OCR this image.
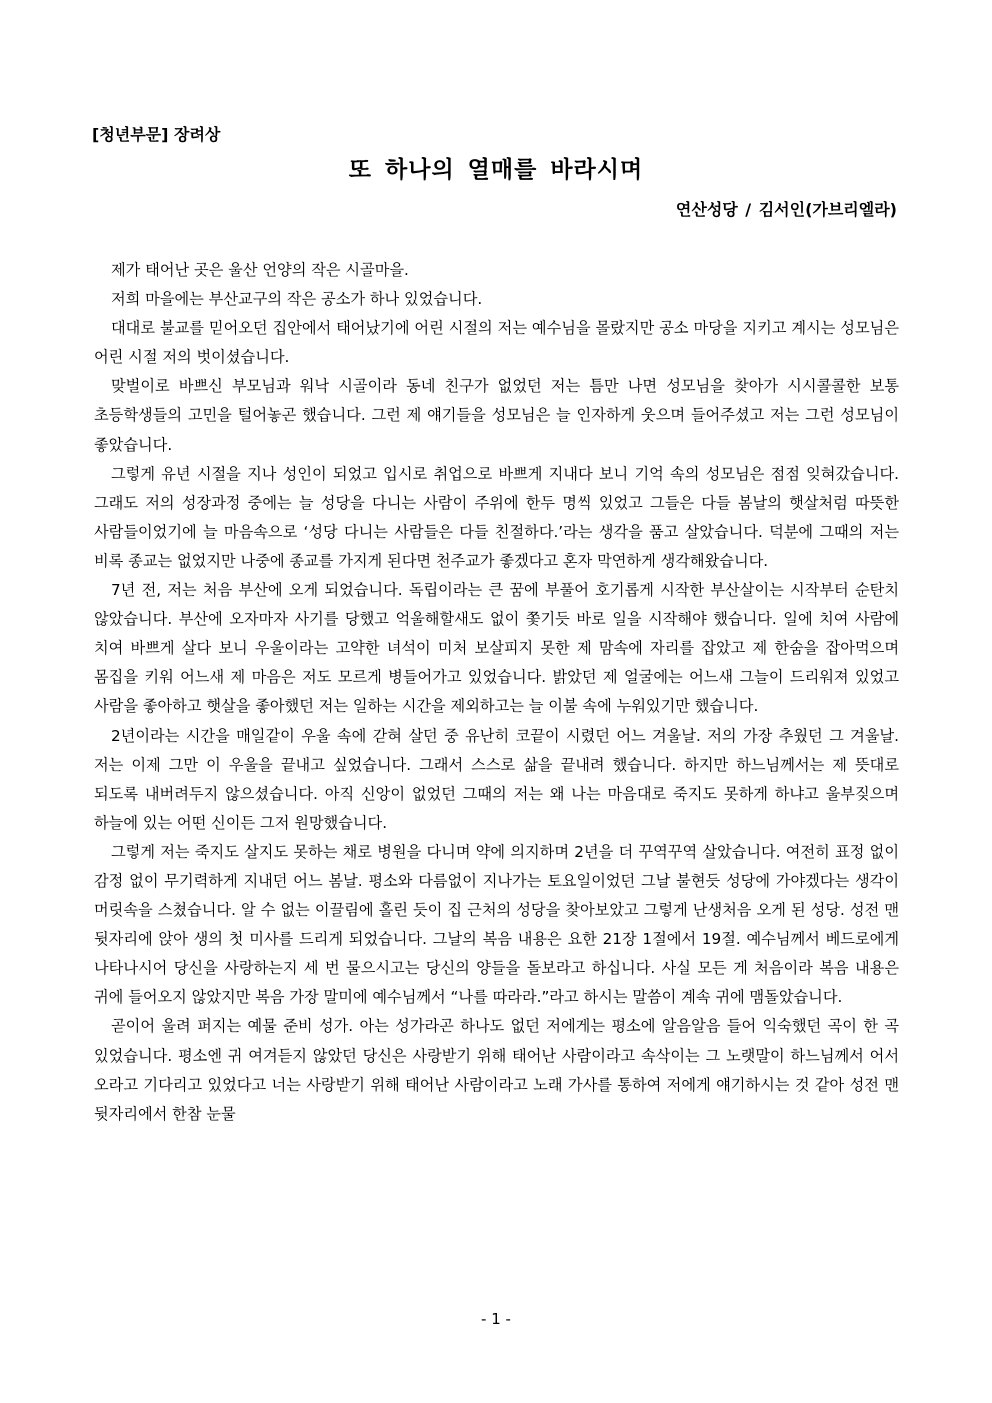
[청년부문] 장려상
또 하나의 열매를 바라시며
연산성당 / 김서인(가브리엘라)

제가 태어난 곳은 울산 언양의 작은 시골마을.

저희 마을에는 부산교구의 작은 공소가 하나 있었습니다.

대대로 불교를 믿어오던 집안에서 태어났기에 어린 시절의 저는 예수님을 몰랐지만 공소 마당을 지키고 계시는 성모님은 어린 시절 저의 벗이셨습니다.

맞벌이로 바쁘신 부모님과 워낙 시골이라 동네 친구가 없었던 저는 틈만 나면 성모님을 찾아가 시시콜콜한 보통 초등학생들의 고민을 털어놓곤 했습니다. 그런 제 얘기들을 성모님은 늘 인자하게 웃으며 들어주셨고 저는 그런 성모님이 좋았습니다.

그렇게 유년 시절을 지나 성인이 되었고 입시로 취업으로 바쁘게 지내다 보니 기억 속의 성모님은 점점 잊혀갔습니다. 그래도 저의 성장과정 중에는 늘 성당을 다니는 사람이 주위에 한두 명씩 있었고 그들은 다들 봄날의 햇살처럼 따뜻한 사람들이었기에 늘 마음속으로 ‘성당 다니는 사람들은 다들 친절하다.’라는 생각을 품고 살았습니다. 덕분에 그때의 저는 비록 종교는 없었지만 나중에 종교를 가지게 된다면 천주교가 좋겠다고 혼자 막연하게 생각해왔습니다.

7년 전, 저는 처음 부산에 오게 되었습니다. 독립이라는 큰 꿈에 부풀어 호기롭게 시작한 부산살이는 시작부터 순탄치 않았습니다. 부산에 오자마자 사기를 당했고 억울해할새도 없이 쫓기듯 바로 일을 시작해야 했습니다. 일에 치여 사람에 치여 바쁘게 살다 보니 우울이라는 고약한 녀석이 미처 보살피지 못한 제 맘속에 자리를 잡았고 제 한숨을 잡아먹으며 몸집을 키워 어느새 제 마음은 저도 모르게 병들어가고 있었습니다. 밝았던 제 얼굴에는 어느새 그늘이 드리워져 있었고 사람을 좋아하고 햇살을 좋아했던 저는 일하는 시간을 제외하고는 늘 이불 속에 누워있기만 했습니다.

2년이라는 시간을 매일같이 우울 속에 갇혀 살던 중 유난히 코끝이 시렸던 어느 겨울날. 저의 가장 추웠던 그 겨울날. 저는 이제 그만 이 우울을 끝내고 싶었습니다. 그래서 스스로 삶을 끝내려 했습니다. 하지만 하느님께서는 제 뜻대로 되도록 내버려두지 않으셨습니다. 아직 신앙이 없었던 그때의 저는 왜 나는 마음대로 죽지도 못하게 하냐고 울부짖으며 하늘에 있는 어떤 신이든 그저 원망했습니다.

그렇게 저는 죽지도 살지도 못하는 채로 병원을 다니며 약에 의지하며 2년을 더 꾸역꾸역 살았습니다. 여전히 표정 없이 감정 없이 무기력하게 지내던 어느 봄날. 평소와 다름없이 지나가는 토요일이었던 그날 불현듯 성당에 가야겠다는 생각이 머릿속을 스쳤습니다. 알 수 없는 이끌림에 홀린 듯이 집 근처의 성당을 찾아보았고 그렇게 난생처음 오게 된 성당. 성전 맨 뒷자리에 앉아 생의 첫 미사를 드리게 되었습니다. 그날의 복음 내용은 요한 21장 1절에서 19절. 예수님께서 베드로에게 나타나시어 당신을 사랑하는지 세 번 물으시고는 당신의 양들을 돌보라고 하십니다. 사실 모든 게 처음이라 복음 내용은 귀에 들어오지 않았지만 복음 가장 말미에 예수님께서 “나를 따라라.”라고 하시는 말씀이 계속 귀에 맴돌았습니다.

곧이어 울려 퍼지는 예물 준비 성가. 아는 성가라곤 하나도 없던 저에게는 평소에 알음알음 들어 익숙했던 곡이 한 곡 있었습니다. 평소엔 귀 여겨듣지 않았던 당신은 사랑받기 위해 태어난 사람이라고 속삭이는 그 노랫말이 하느님께서 어서 오라고 기다리고 있었다고 너는 사랑받기 위해 태어난 사람이라고 노래 가사를 통하여 저에게 얘기하시는 것 같아 성전 맨 뒷자리에서 한참 눈물

- 1 -
